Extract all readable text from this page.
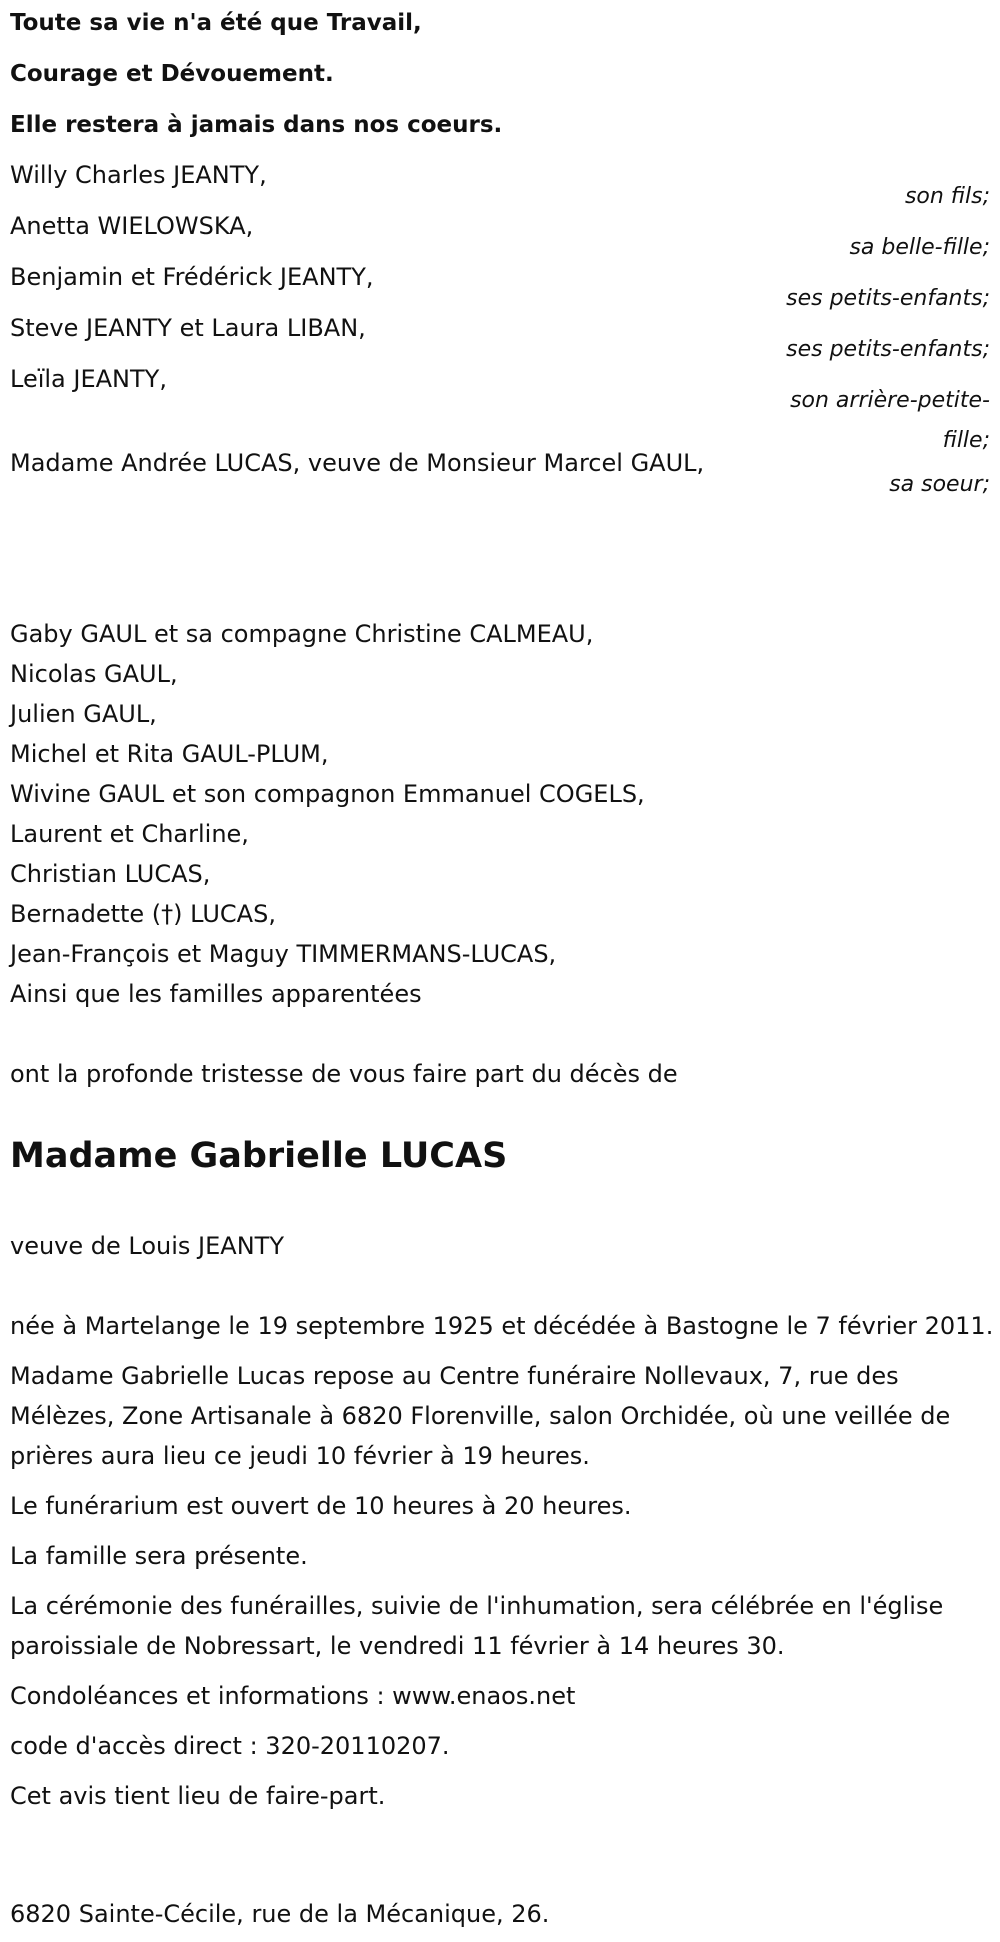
Toute sa vie n'a été que Travail,

Courage et Dévouement.

Elle restera à jamais dans nos coeurs.

Willy Charles JEANTY,
son fils;
Anetta WIELOWSKA,
sa belle-fille;
Benjamin et Frédérick JEANTY,
ses petits-enfants;
Steve JEANTY et Laura LIBAN,
ses petits-enfants;
Leïla JEANTY,
son arrière-petite-fille;
Madame Andrée LUCAS, veuve de Monsieur Marcel GAUL,
sa soeur;
Gaby GAUL et sa compagne Christine CALMEAU,
Nicolas GAUL,
Julien GAUL,
Michel et Rita GAUL-PLUM,
Wivine GAUL et son compagnon Emmanuel COGELS,
Laurent et Charline,
Christian LUCAS,
Bernadette (†) LUCAS,
Jean-François et Maguy TIMMERMANS-LUCAS,
Ainsi que les familles apparentées
ont la profonde tristesse de vous faire part du décès de
Madame Gabrielle LUCAS
veuve de Louis JEANTY

née à Martelange le 19 septembre 1925 et décédée à Bastogne le 7 février 2011.

Madame Gabrielle Lucas repose au Centre funéraire Nollevaux, 7, rue des Mélèzes, Zone Artisanale à 6820 Florenville, salon Orchidée, où une veillée de prières aura lieu ce jeudi 10 février à 19 heures.

Le funérarium est ouvert de 10 heures à 20 heures.

La famille sera présente.

La cérémonie des funérailles, suivie de l'inhumation, sera célébrée en l'église paroissiale de Nobressart, le vendredi 11 février à 14 heures 30.

Condoléances et informations : www.enaos.net

code d'accès direct : 320-20110207.

Cet avis tient lieu de faire-part.

6820 Sainte-Cécile, rue de la Mécanique, 26.
